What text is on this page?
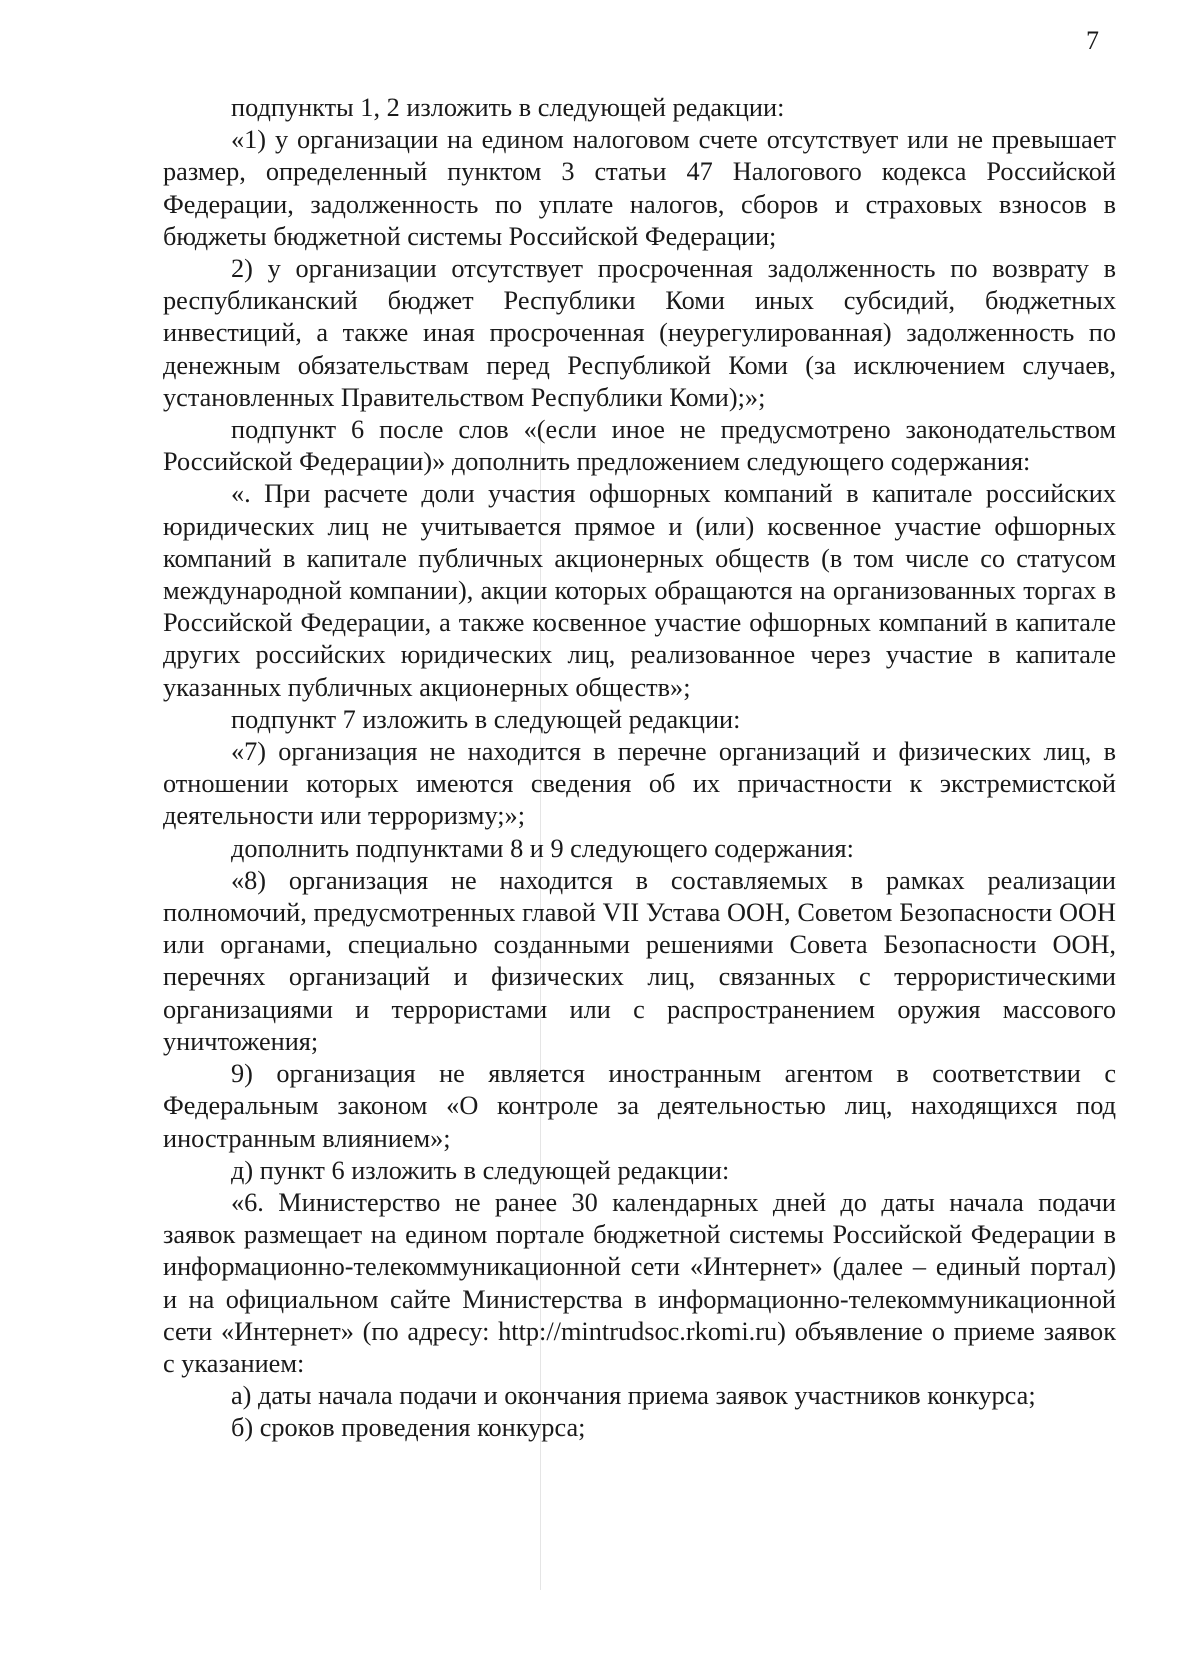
7

подпункты 1, 2 изложить в следующей редакции:

«1) у организации на едином налоговом счете отсутствует или не превышает размер, определенный пунктом 3 статьи 47 Налогового кодекса Российской Федерации, задолженность по уплате налогов, сборов и страховых взносов в бюджеты бюджетной системы Российской Федерации;

2) у организации отсутствует просроченная задолженность по возврату в республиканский бюджет Республики Коми иных субсидий, бюджетных инвестиций, а также иная просроченная (неурегулированная) задолженность по денежным обязательствам перед Республикой Коми (за исключением случаев, установленных Правительством Республики Коми);»;

подпункт 6 после слов «(если иное не предусмотрено законодательством Российской Федерации)» дополнить предложением следующего содержания:

«. При расчете доли участия офшорных компаний в капитале российских юридических лиц не учитывается прямое и (или) косвенное участие офшорных компаний в капитале публичных акционерных обществ (в том числе со статусом международной компании), акции которых обращаются на организованных торгах в Российской Федерации, а также косвенное участие офшорных компаний в капитале других российских юридических лиц, реализованное через участие в капитале указанных публичных акционерных обществ»;

подпункт 7 изложить в следующей редакции:

«7) организация не находится в перечне организаций и физических лиц, в отношении которых имеются сведения об их причастности к экстремистской деятельности или терроризму;»;

дополнить подпунктами 8 и 9 следующего содержания:

«8) организация не находится в составляемых в рамках реализации полномочий, предусмотренных главой VII Устава ООН, Советом Безопасности ООН или органами, специально созданными решениями Совета Безопасности ООН, перечнях организаций и физических лиц, связанных с террористическими организациями и террористами или с распространением оружия массового уничтожения;

9) организация не является иностранным агентом в соответствии с Федеральным законом «О контроле за деятельностью лиц, находящихся под иностранным влиянием»;

д) пункт 6 изложить в следующей редакции:

«6. Министерство не ранее 30 календарных дней до даты начала подачи заявок размещает на едином портале бюджетной системы Российской Федерации в информационно-телекоммуникационной сети «Интернет» (далее – единый портал) и на официальном сайте Министерства в информационно-телекоммуникационной сети «Интернет» (по адресу: http://mintrudsoc.rkomi.ru) объявление о приеме заявок с указанием:

а) даты начала подачи и окончания приема заявок участников конкурса;

б) сроков проведения конкурса;
